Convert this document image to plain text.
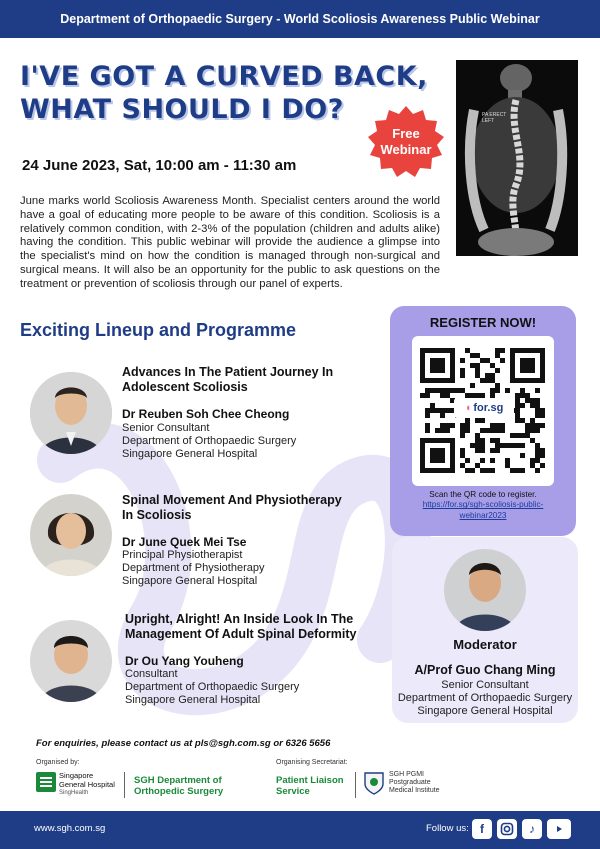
Department of Orthopaedic Surgery - World Scoliosis Awareness Public Webinar
I'VE GOT A CURVED BACK,
WHAT SHOULD I DO?
Free
Webinar
24 June 2023, Sat, 10:00 am - 11:30 am
PA ERECT
LEFT
June marks world Scoliosis Awareness Month. Specialist centers around the world have a goal of educating more people to be aware of this condition. Scoliosis is a relatively common condition, with 2-3% of the population (children and adults alike) having the condition. This public webinar will provide the audience a glimpse into the specialist's mind on how the condition is managed through non-surgical and surgical means. It will also be an opportunity for the public to ask questions on the treatment or prevention of scoliosis through our panel of experts.
Exciting Lineup and Programme	REGISTER NOW!
◖ for.sg
Scan the QR code to register.
https://for.sg/sgh-scoliosis-public-
webinar2023
Advances In The Patient Journey In
Adolescent Scoliosis
Dr Reuben Soh Chee Cheong
Senior Consultant
Department of Orthopaedic Surgery
Singapore General Hospital
Spinal Movement And Physiotherapy
In Scoliosis
Dr June Quek Mei Tse
Principal Physiotherapist
Department of Physiotherapy
Singapore General Hospital
Upright, Alright! An Inside Look In The
Management Of Adult Spinal Deformity
Dr Ou Yang Youheng
Consultant
Department of Orthopaedic Surgery
Singapore General Hospital
Moderator
A/Prof Guo Chang Ming
Senior Consultant
Department of Orthopaedic Surgery
Singapore General Hospital
For enquiries, please contact us at pls@sgh.com.sg or 6326 5656
Organised by:
Singapore
General Hospital
SingHealth
SGH Department of
Orthopedic Surgery
Organising Secretariat:
Patient Liaison
Service
SGH PGMI
Postgraduate
Medical Institute
www.sgh.com.sg	Follow us: f	♪
